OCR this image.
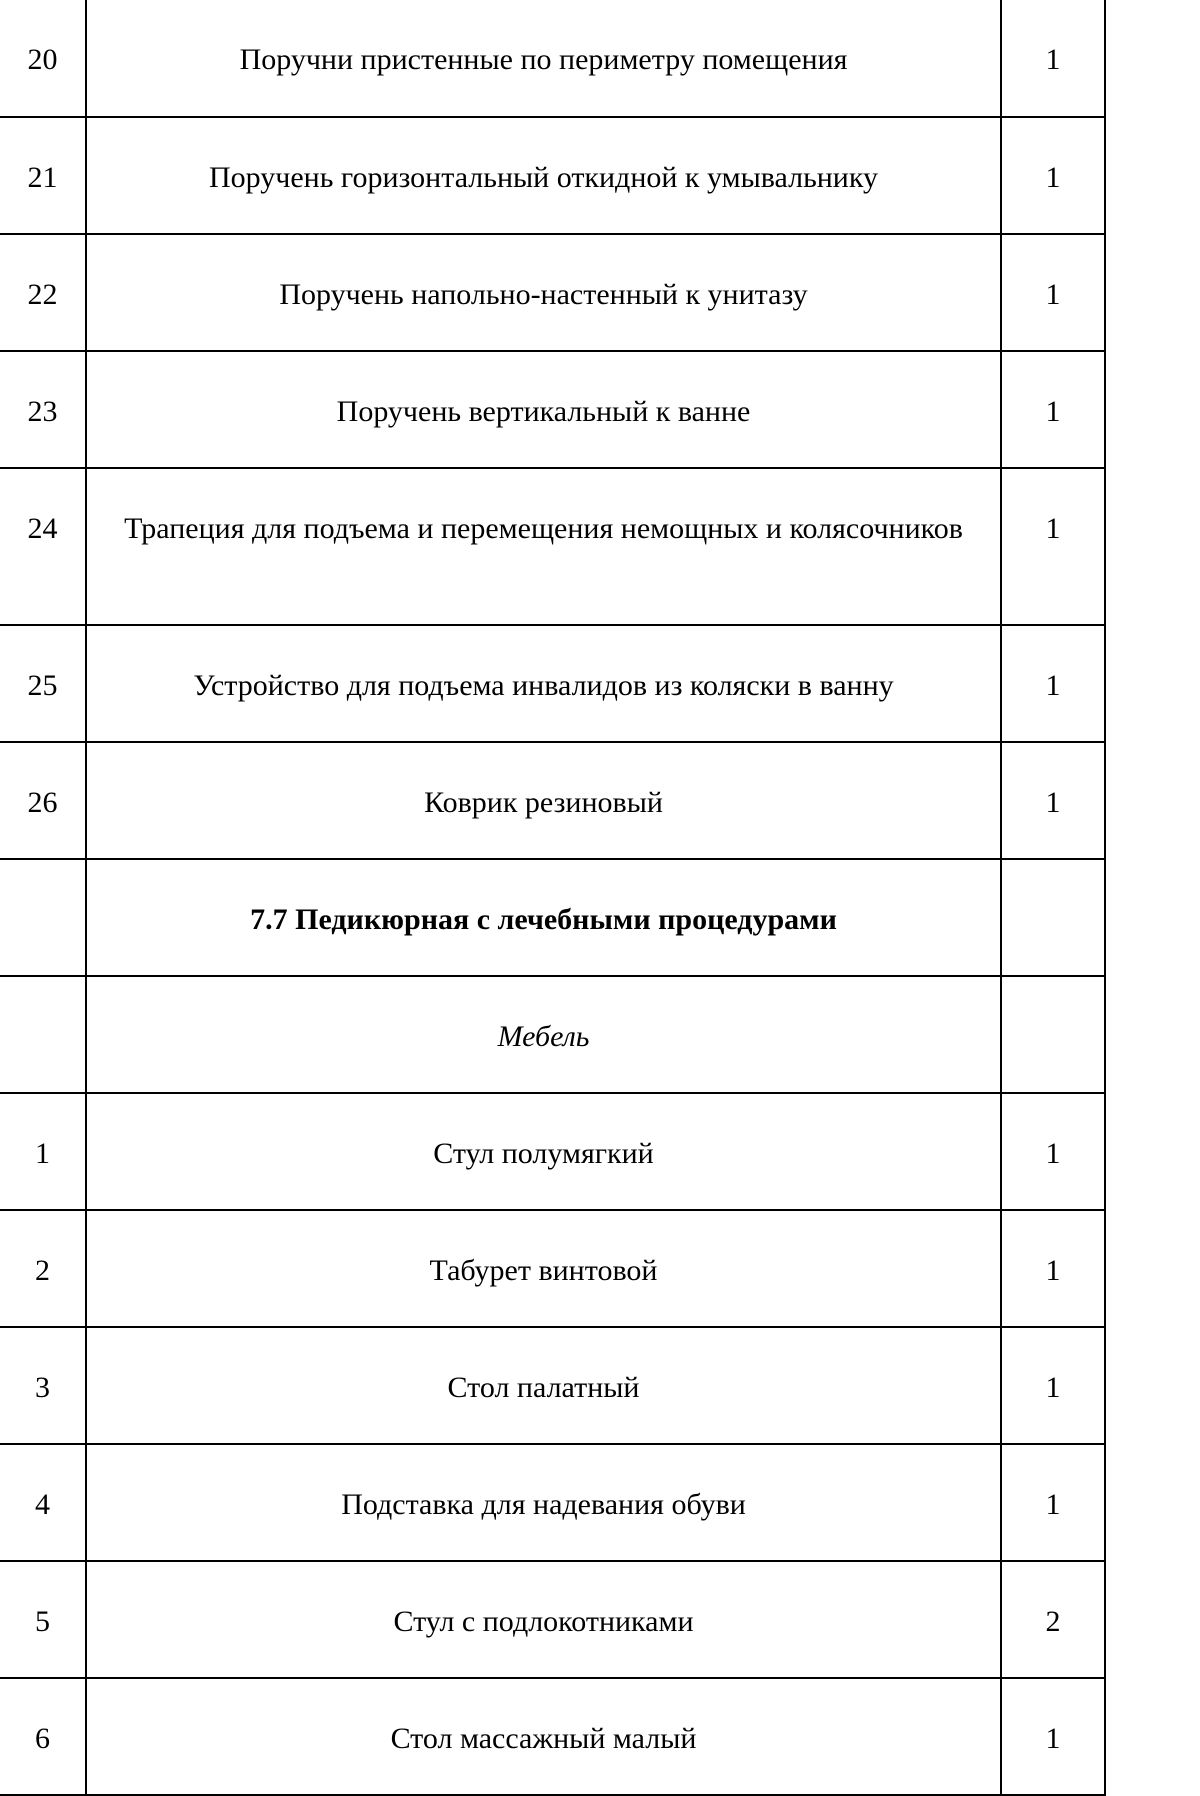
20	Поручни пристенные по периметру помещения	1

21	Поручень горизонтальный откидной к умывальнику	1

22	Поручень напольно-настенный к унитазу	1

23	Поручень вертикальный к ванне	1

24	Трапеция для подъема и перемещения немощных и колясочников	1

25	Устройство для подъема инвалидов из коляски в ванну	1

26	Коврик резиновый	1

	7.7 Педикюрная с лечебными процедурами	

	Мебель	

1	Стул полумягкий	1

2	Табурет винтовой	1

3	Стол палатный	1

4	Подставка для надевания обуви	1

5	Стул с подлокотниками	2

6	Стол массажный малый	1
